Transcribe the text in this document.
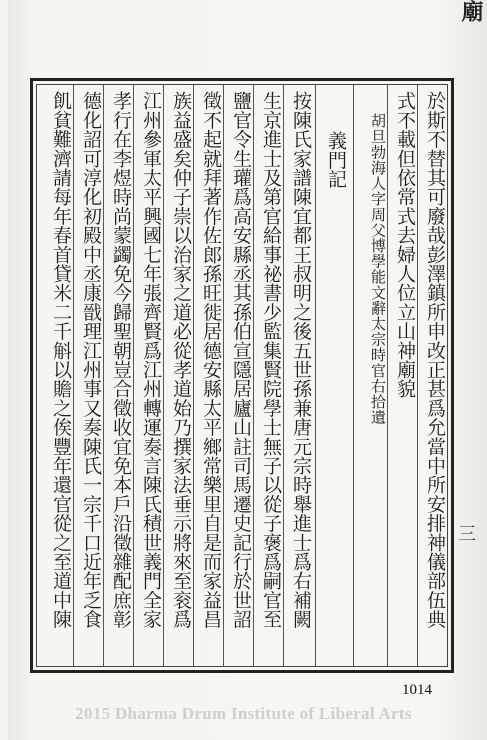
廟
於斯不替其可廢哉彭澤鎮所申改正甚爲允當中所安排神儀部伍典
式不載但依常式去婦人位立山神廟貌
胡旦勃海人字周父博學能文辭太宗時官右拾遺
義門記
按陳氏家譜陳宜都王叔明之後五世孫兼唐元宗時舉進士爲右補闕
生京進士及第官給事祕書少監集賢院學士無子以從子褒爲嗣官至
鹽官令生瓘爲高安縣丞其孫伯宣隱居廬山註司馬遷史記行於世詔
徵不起就拜著作佐郎孫旺徙居德安縣太平鄉常樂里自是而家益昌
族益盛矣仲子崇以治家之道必從孝道始乃撰家法垂示將來至衮爲
江州參軍太平興國七年張齊賢爲江州轉運奏言陳氏積世義門全家
孝行在李煜時尚蒙蠲免今歸聖朝豈合徵收宜免本戶沿徵雜配庶彰
德化詔可淳化初殿中丞康戩理江州事又奏陳氏一宗千口近年乏食
飢貧難濟請每年春首貸米二千斛以贍之俟豐年還官從之至道中陳
1014
2015 Dharma Drum Institute of Liberal Arts
